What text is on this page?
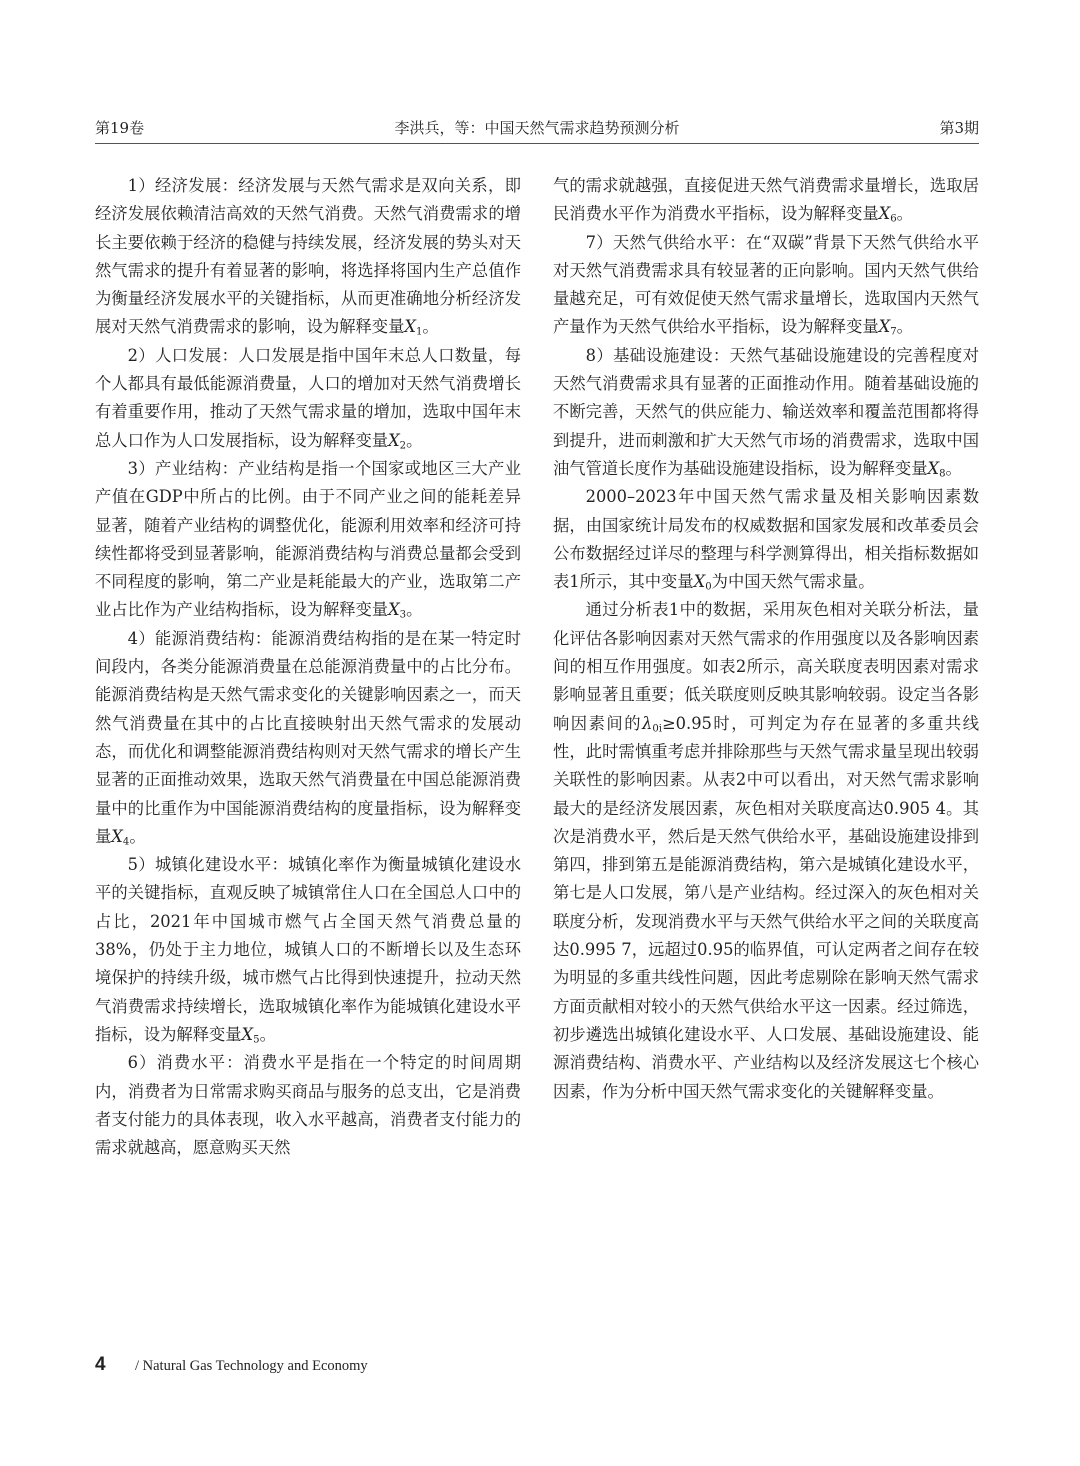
第19卷	李洪兵，等：中国天然气需求趋势预测分析	第3期

1）经济发展：经济发展与天然气需求是双向关系，即经济发展依赖清洁高效的天然气消费。天然气消费需求的增长主要依赖于经济的稳健与持续发展，经济发展的势头对天然气需求的提升有着显著的影响，将选择将国内生产总值作为衡量经济发展水平的关键指标，从而更准确地分析经济发展对天然气消费需求的影响，设为解释变量$X_1$。

2）人口发展：人口发展是指中国年末总人口数量，每个人都具有最低能源消费量，人口的增加对天然气消费增长有着重要作用，推动了天然气需求量的增加，选取中国年末总人口作为人口发展指标，设为解释变量$X_2$。

3）产业结构：产业结构是指一个国家或地区三大产业产值在GDP中所占的比例。由于不同产业之间的能耗差异显著，随着产业结构的调整优化，能源利用效率和经济可持续性都将受到显著影响，能源消费结构与消费总量都会受到不同程度的影响，第二产业是耗能最大的产业，选取第二产业占比作为产业结构指标，设为解释变量$X_3$。

4）能源消费结构：能源消费结构指的是在某一特定时间段内，各类分能源消费量在总能源消费量中的占比分布。能源消费结构是天然气需求变化的关键影响因素之一，而天然气消费量在其中的占比直接映射出天然气需求的发展动态，而优化和调整能源消费结构则对天然气需求的增长产生显著的正面推动效果，选取天然气消费量在中国总能源消费量中的比重作为中国能源消费结构的度量指标，设为解释变量$X_4$。

5）城镇化建设水平：城镇化率作为衡量城镇化建设水平的关键指标，直观反映了城镇常住人口在全国总人口中的占比，2021年中国城市燃气占全国天然气消费总量的38%，仍处于主力地位，城镇人口的不断增长以及生态环境保护的持续升级，城市燃气占比得到快速提升，拉动天然气消费需求持续增长，选取城镇化率作为能城镇化建设水平指标，设为解释变量$X_5$。

6）消费水平：消费水平是指在一个特定的时间周期内，消费者为日常需求购买商品与服务的总支出，它是消费者支付能力的具体表现，收入水平越高，消费者支付能力的需求就越高，愿意购买天然

气的需求就越强，直接促进天然气消费需求量增长，选取居民消费水平作为消费水平指标，设为解释变量$X_6$。

7）天然气供给水平：在“双碳”背景下天然气供给水平对天然气消费需求具有较显著的正向影响。国内天然气供给量越充足，可有效促使天然气需求量增长，选取国内天然气产量作为天然气供给水平指标，设为解释变量$X_7$。

8）基础设施建设：天然气基础设施建设的完善程度对天然气消费需求具有显著的正面推动作用。随着基础设施的不断完善，天然气的供应能力、输送效率和覆盖范围都将得到提升，进而刺激和扩大天然气市场的消费需求，选取中国油气管道长度作为基础设施建设指标，设为解释变量$X_8$。

2000–2023年中国天然气需求量及相关影响因素数据，由国家统计局发布的权威数据和国家发展和改革委员会公布数据经过详尽的整理与科学测算得出，相关指标数据如表1所示，其中变量$X_0$为中国天然气需求量。

通过分析表1中的数据，采用灰色相对关联分析法，量化评估各影响因素对天然气需求的作用强度以及各影响因素间的相互作用强度。如表2所示，高关联度表明因素对需求影响显著且重要；低关联度则反映其影响较弱。设定当各影响因素间的$\lambda_{0i}\ge 0.95$时，可判定为存在显著的多重共线性，此时需慎重考虑并排除那些与天然气需求量呈现出较弱关联性的影响因素。从表2中可以看出，对天然气需求影响最大的是经济发展因素，灰色相对关联度高达0.905 4。其次是消费水平，然后是天然气供给水平，基础设施建设排到第四，排到第五是能源消费结构，第六是城镇化建设水平，第七是人口发展，第八是产业结构。经过深入的灰色相对关联度分析，发现消费水平与天然气供给水平之间的关联度高达0.995 7，远超过0.95的临界值，可认定两者之间存在较为明显的多重共线性问题，因此考虑剔除在影响天然气需求方面贡献相对较小的天然气供给水平这一因素。经过筛选，初步遴选出城镇化建设水平、人口发展、基础设施建设、能源消费结构、消费水平、产业结构以及经济发展这七个核心因素，作为分析中国天然气需求变化的关键解释变量。

4 / Natural Gas Technology and Economy
